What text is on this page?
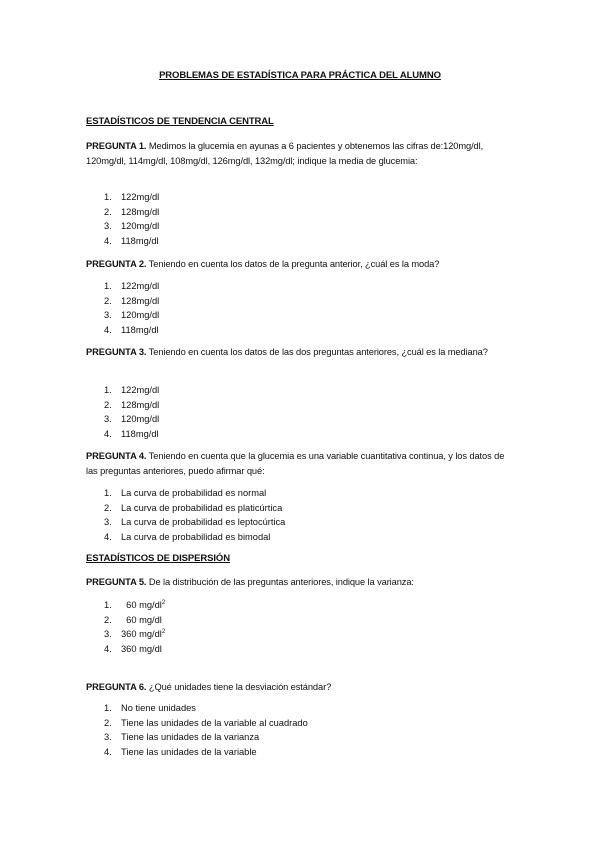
PROBLEMAS DE ESTADÍSTICA PARA PRÁCTICA DEL ALUMNO
ESTADÍSTICOS DE TENDENCIA CENTRAL
PREGUNTA 1. Medimos la glucemia en ayunas a 6 pacientes y obtenemos las cifras de:120mg/dl, 120mg/dl, 114mg/dl, 108mg/dl, 126mg/dl, 132mg/dl; indique la media de glucemia:
1. 122mg/dl
2. 128mg/dl
3. 120mg/dl
4. 118mg/dl
PREGUNTA 2. Teniendo en cuenta los datos de la pregunta anterior, ¿cuál es la moda?
1. 122mg/dl
2. 128mg/dl
3. 120mg/dl
4. 118mg/dl
PREGUNTA 3. Teniendo en cuenta los datos de las dos preguntas anteriores, ¿cuál es la mediana?
1. 122mg/dl
2. 128mg/dl
3. 120mg/dl
4. 118mg/dl
PREGUNTA 4. Teniendo en cuenta que la glucemia es una variable cuantitativa continua, y los datos de las preguntas anteriores, puedo afirmar qué:
1. La curva de probabilidad es normal
2. La curva de probabilidad es platicúrtica
3. La curva de probabilidad es leptocúrtica
4. La curva de probabilidad es bimodal
ESTADÍSTICOS DE DISPERSIÓN
PREGUNTA 5. De la distribución de las preguntas anteriores, indique la varianza:
1. 60 $mg/dl^2$
2. 60 mg/dl
3. 360 $mg/dl^2$
4. 360 mg/dl
PREGUNTA 6. ¿Qué unidades tiene la desviación estándar?
1. No tiene unidades
2. Tiene las unidades de la variable al cuadrado
3. Tiene las unidades de la varianza
4. Tiene las unidades de la variable
